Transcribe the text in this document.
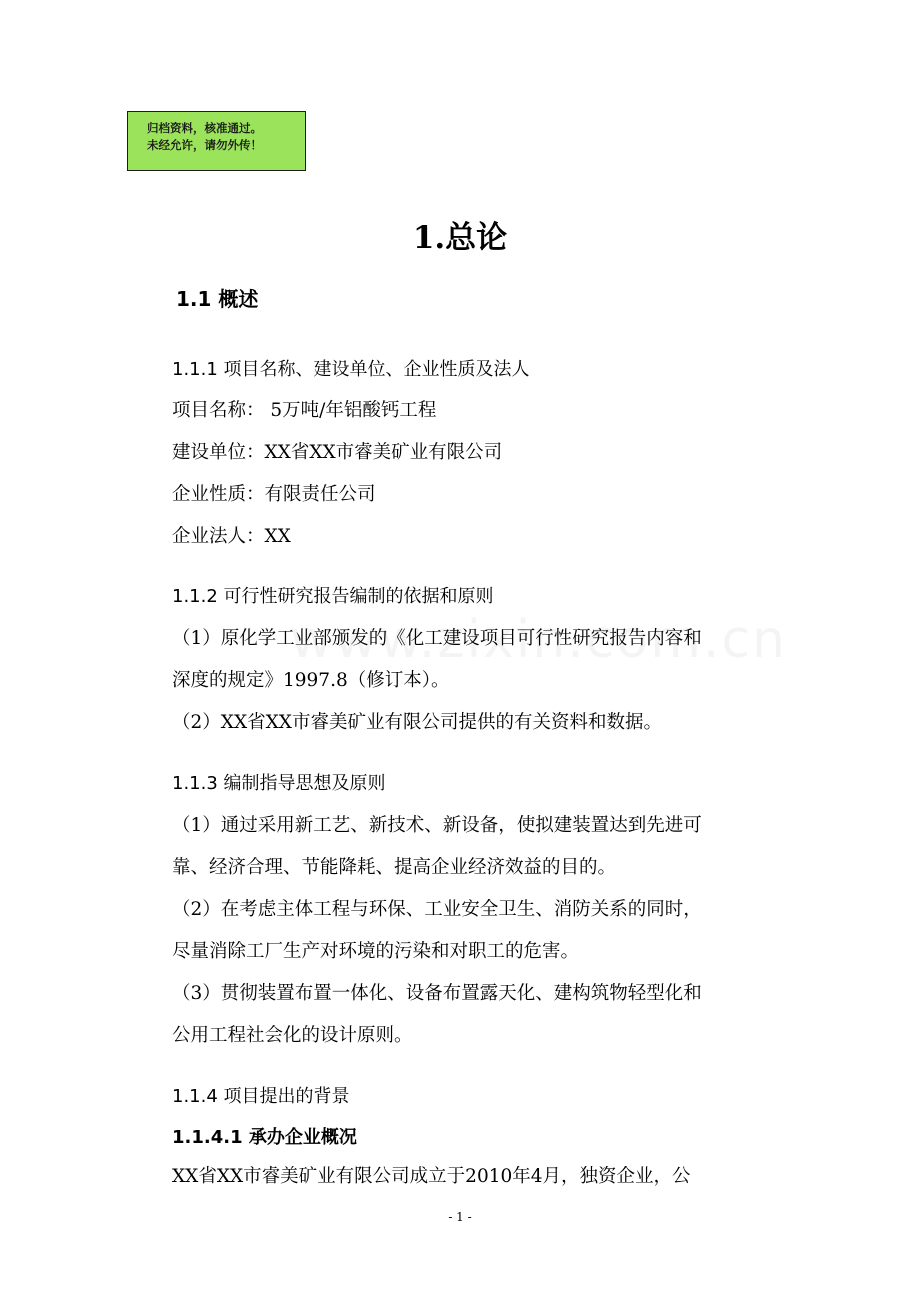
归档资料，核准通过。
未经允许，请勿外传！
1.总论
1.1 概述
1.1.1 项目名称、建设单位、企业性质及法人
项目名称： 5万吨/年铝酸钙工程
建设单位：XX省XX市睿美矿业有限公司
企业性质：有限责任公司
企业法人：XX
1.1.2 可行性研究报告编制的依据和原则
（1）原化学工业部颁发的《化工建设项目可行性研究报告内容和
深度的规定》1997.8（修订本）。
（2）XX省XX市睿美矿业有限公司提供的有关资料和数据。
1.1.3 编制指导思想及原则
（1）通过采用新工艺、新技术、新设备，使拟建装置达到先进可
靠、经济合理、节能降耗、提高企业经济效益的目的。
（2）在考虑主体工程与环保、工业安全卫生、消防关系的同时，
尽量消除工厂生产对环境的污染和对职工的危害。
（3）贯彻装置布置一体化、设备布置露天化、建构筑物轻型化和
公用工程社会化的设计原则。
1.1.4 项目提出的背景
1.1.4.1 承办企业概况
XX省XX市睿美矿业有限公司成立于2010年4月，独资企业，公
- 1 -
